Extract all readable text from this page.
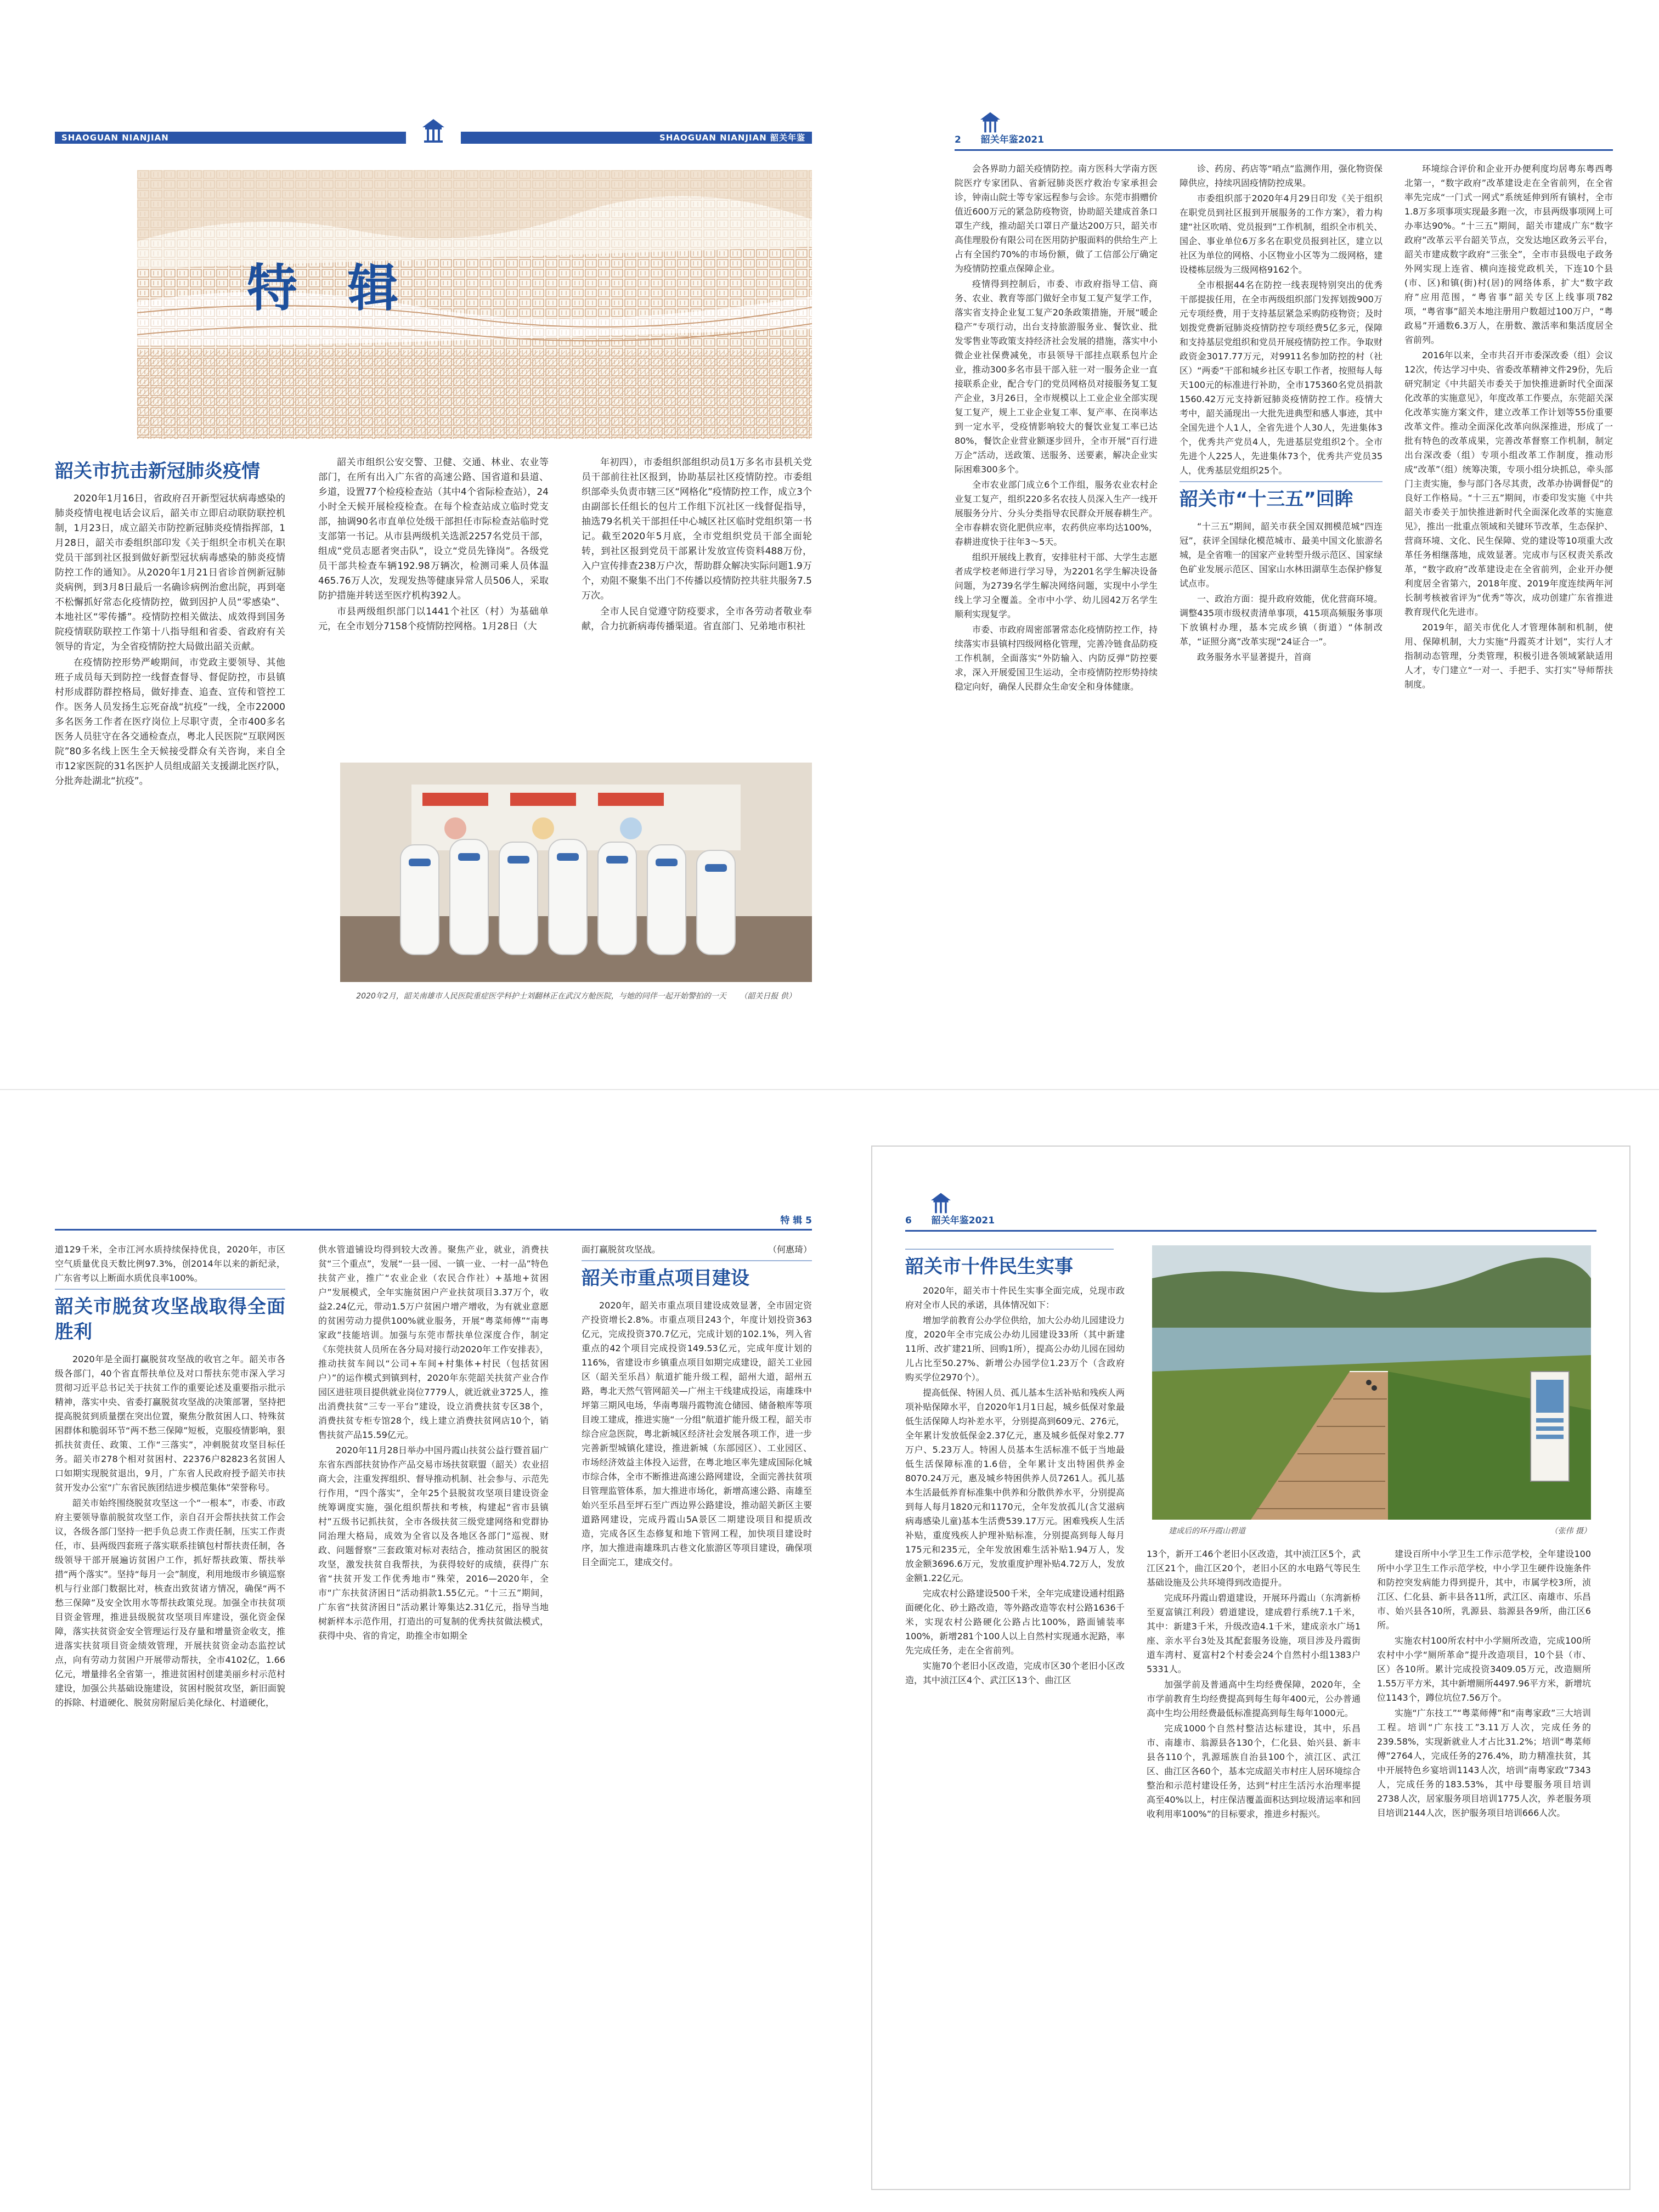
SHAOGUAN NIANJIAN	SHAOGUAN NIANJIAN 韶关年鉴
特 辑
韶关市抗击新冠肺炎疫情

2020年1月16日，省政府召开新型冠状病毒感染的肺炎疫情电视电话会议后，韶关市立即启动联防联控机制，1月23日，成立韶关市防控新冠肺炎疫情指挥部，1月28日，韶关市委组织部印发《关于组织全市机关在职党员干部到社区报到做好新型冠状病毒感染的肺炎疫情防控工作的通知》。从2020年1月21日省诊首例新冠肺炎病例，到3月8日最后一名确诊病例治愈出院，再到毫不松懈抓好常态化疫情防控，做到因护人员“零感染”、本地社区“零传播”。疫情防控相关做法、成效得到国务院疫情联防联控工作第十八指导组和省委、省政府有关领导的肯定，为全省疫情防控大局做出韶关贡献。

在疫情防控形势严峻期间，市党政主要领导、其他班子成员每天到防控一线督查督导、督促防控，市县镇村形成群防群控格局，做好排查、追查、宣传和管控工作。医务人员发扬生忘死奋战“抗疫”一线，全市22000多名医务工作者在医疗岗位上尽职守责，全市400多名医务人员驻守在各交通检查点，粤北人民医院“互联网医院”80多名线上医生全天候接受群众有关咨询，来自全市12家医院的31名医护人员组成韶关支援湖北医疗队，分批奔赴湖北“抗疫”。

韶关市组织公安交警、卫健、交通、林业、农业等部门，在所有出入广东省的高速公路、国省道和县道、乡道，设置77个检疫检查站（其中4个省际检查站），24小时全天候开展检疫检查。在每个检查站成立临时党支部，抽调90名市直单位处级干部担任市际检查站临时党支部第一书记。从市县两级机关选派2257名党员干部，组成“党员志愿者突击队”，设立“党员先锋岗”。各级党员干部共检查车辆192.98万辆次，检测司乘人员体温465.76万人次，发现发热等健康异常人员506人，采取防护措施并转送至医疗机构392人。

市县两级组织部门以1441个社区（村）为基础单元，在全市划分7158个疫情防控网格。1月28日（大

年初四），市委组织部组织动员1万多名市县机关党员干部前往社区报到，协助基层社区疫情防控。市委组织部牵头负责市辖三区“网格化”疫情防控工作，成立3个由副部长任组长的包片工作组下沉社区一线督促指导，抽选79名机关干部担任中心城区社区临时党组织第一书记。截至2020年5月底，全市党组织党员干部全面轮转，到社区报到党员干部累计发放宣传资料488万份，入户宣传排查238万户次，帮助群众解决实际问题1.9万个，劝阻不聚集不出门不传播以疫情防控共驻共服务7.5万次。

全市人民自觉遵守防疫要求，全市各劳动者敬业奉献，合力抗新病毒传播渠道。省直部门、兄弟地市积社

2020年2月，韶关南雄市人民医院重症医学科护士刘翻林正在武汉方舱医院，与她的同伴一起开始警拍的一天 （韶关日报 供）
2 韶关年鉴2021

会各界助力韶关疫情防控。南方医科大学南方医院医疗专家团队、省新冠肺炎医疗救治专家承担会诊，钟南山院士等专家远程参与会诊。东莞市捐赠价值近600万元的紧急防疫物资，协助韶关建成首条口罩生产线，推动韶关口罩日产量达200万只，韶关市高佳理股份有限公司在医用防护服面料的供给生产上占有全国约70%的市场份额，做了工信部公厅确定为疫情防控重点保障企业。

疫情得到控制后，市委、市政府指导工信、商务、农业、教育等部门做好全市复工复产复学工作，落实省支持企业复工复产20条政策措施，开展“暖企稳产”专项行动，出台支持旅游服务业、餐饮业、批发零售业等政策支持经济社会发展的措施，落实中小微企业社保费减免，市县领导干部挂点联系包片企业，推动300多名市县干部入驻一对一服务企业一直接联系企业，配合专门的党员网格员对接服务复工复产企业，3月26日，全市规模以上工业企业全部实现复工复产，规上工业企业复工率、复产率、在岗率达到一定水平，受疫情影响较大的餐饮业复工率已达80%，餐饮企业营业额逐步回升，全市开展“百行进万企”活动，送政策、送服务、送要素，解决企业实际困难300多个。

全市农业部门成立6个工作组，服务农业农村企业复工复产，组织220多名农技人员深入生产一线开展服务分片、分头分类指导农民群众开展春耕生产。全市春耕农资化肥供应率，农药供应率均达100%，春耕进度快于往年3～5天。

组织开展线上教育，安排驻村干部、大学生志愿者成学校老师进行学习导，为2201名学生解决设备问题，为2739名学生解决网络问题，实现中小学生线上学习全覆盖。全市中小学、幼儿园42万名学生顺利实现复学。

市委、市政府周密部署常态化疫情防控工作，持续落实市县镇村四级网格化管理，完善冷链食品防疫工作机制，全面落实“外防输入、内防反弹”防控要求，深入开展爱国卫生运动，全市疫情防控形势持续稳定向好，确保人民群众生命安全和身体健康。

诊、药房、药店等“哨点”监测作用，强化物资保障供应，持续巩固疫情防控成果。

市委组织部于2020年4月29日印发《关于组织在职党员到社区报到开展服务的工作方案》，着力构建“社区吹哨、党员报到”工作机制，组织全市机关、国企、事业单位6万多名在职党员报到社区，建立以社区为单位的网格、小区物业小区等为二级网格，建设楼栋层级为三级网格9162个。

全市根据44名在防控一线表现特别突出的优秀干部提拔任用，在全市两级组织部门发挥划拨900万元专项经费，用于支持基层紧急采购防疫物资；及时划拨党费新冠肺炎疫情防控专项经费5亿多元，保障和支持基层党组织和党员开展疫情防控工作。争取财政资金3017.77万元，对9911名参加防控的村（社区）“两委”干部和城乡社区专职工作者，按照每人每天100元的标准进行补助，全市175360名党员捐款1560.42万元支持新冠肺炎疫情防控工作。疫情大考中，韶关涌现出一大批先进典型和感人事迹，其中全国先进个人1人，全省先进个人30人，先进集体3个，优秀共产党员4人，先进基层党组织2个。全市先进个人225人，先进集体73个，优秀共产党员35人，优秀基层党组织25个。

韶关市“十三五”回眸

“十三五”期间，韶关市获全国双拥模范城“四连冠”，获评全国绿化模范城市、最美中国文化旅游名城，是全省唯一的国家产业转型升级示范区、国家绿色矿业发展示范区、国家山水林田湖草生态保护修复试点市。

一、政治方面：提升政府效能，优化营商环境。调整435项市级权责清单事项，415项高频服务事项下放镇村办理，基本完成乡镇（街道）“体制改革，“证照分离”改革实现“24证合一”。

政务服务水平显著提升，首商

环境综合评价和企业开办便利度均居粤东粤西粤北第一，“数字政府”改革建设走在全省前列，在全省率先完成“一门式一网式”系统延伸到所有镇村，全市1.8万多项事项实现最多跑一次，市县两级事项网上可办率达90%。“十三五”期间，韶关市建成广东“数字政府”改革云平台韶关节点，交发达地区政务云平台，韶关市建成数字政府“三张全”，全市市县级电子政务外网实现上连省、横向连接党政机关，下连10个县(市、区)和镇(街)村(居)的网络体系，扩大“数字政府”应用范围，“粤省事”韶关专区上线事项782项，“粤省事”韶关本地注册用户数超过100万户，“粤政易”开通数6.3万人，在册数、激活率和集活度居全省前列。

2016年以来，全市共召开市委深改委（组）会议12次，传达学习中央、省委改革精神文件29份，先后研究制定《中共韶关市委关于加快推进新时代全面深化改革的实施意见》，年度改革工作要点，东莞韶关深化改革实施方案文件，建立改革工作计划等55份重要改革文件。推动全面深化改革向纵深推进，形成了一批有特色的改革成果，完善改革督察工作机制，制定出台深改委（组）专项小组改革工作制度，推动形成“改革”（组）统筹决策，专项小组分块抓总，牵头部门主责实施，参与部门各尽其责，改革办协调督促”的良好工作格局。“十三五”期间，市委印发实施《中共韶关市委关于加快推进新时代全面深化改革的实施意见》，推出一批重点领域和关键环节改革，生态保护、营商环境、文化、民生保障、党的建设等10项重大改革任务相继落地，成效显著。完成市与区权责关系改革，“数字政府”改革建设走在全省前列，企业开办便利度居全省第六，2018年度、2019年度连续两年河长制考核被省评为“优秀”等次，成功创建广东省推进教育现代化先进市。

2019年，韶关市优化人才管理体制和机制，使用、保障机制，大力实施“丹霞英才计划”，实行人才指制动态管理，分类管理，积极引进各领域紧缺适用人才，专门建立“一对一、手把手、实打实”导师帮扶制度。

特 辑 5

道129千米，全市江河水质持续保持优良，2020年，市区空气质量优良天数比例97.3%，创2014年以来的新纪录，广东省考以上断面水质优良率100%。

韶关市脱贫攻坚战取得全面胜利

2020年是全面打赢脱贫攻坚战的收官之年。韶关市各级各部门，40个省直帮扶单位及对口帮扶东莞市深入学习贯彻习近平总书记关于扶贫工作的重要论述及重要指示批示精神，落实中央、省委打赢脱贫攻坚战的决策部署，坚持把提高脱贫到质量摆在突出位置，聚焦分散贫困人口、特殊贫困群体和脆弱环节“两不愁三保障”短板，克服疫情影响，狠抓扶贫责任、政策、工作“三落实”，冲刺脱贫攻坚目标任务。韶关市278个相对贫困村、22376户82823名贫困人口如期实现脱贫退出，9月，广东省人民政府授予韶关市扶贫开发办公室“广东省民族团结进步模范集体”荣誉称号。

韶关市始终围绕脱贫攻坚这一个“一根本”，市委、市政府主要领导靠前脱贫攻坚工作，亲自召开会帮扶扶贫工作会议，各级各部门坚持一把手负总责工作责任制，压实工作责任，市、县两级四套班子落实联系挂镇包村帮扶责任制，各级领导干部开展遍访贫困户工作，抓好帮扶政策、帮扶举措“两个落实”。坚持“每月一会”制度，利用地级市乡镇巡察机与行业部门数据比对，核查出致贫诸方情况，确保“两不愁三保障”及安全饮用水等帮扶政策兑现。加强全市扶贫项目资金管理，推进县级脱贫攻坚项目库建设，强化资金保障，落实扶贫资金安全管理运行及存量和增量资金收支，推进落实扶贫项目资金绩效管理，开展扶贫资金动态监控试点，向有劳动力贫困户开展带动帮扶，全市4102亿，1.66亿元，增量排名全省第一，推进贫困村创建美丽乡村示范村建设，加强公共基础设施建设，贫困村脱贫攻坚，新旧面貌的拆除、村道硬化、脱贫房附屋后美化绿化、村道硬化，

供水管道铺设均得到较大改善。聚焦产业，就业，消费扶贫“三个重点”，发展“一县一园、一镇一业、一村一品”特色扶贫产业，推广“农业企业（农民合作社）+基地+贫困户”发展模式，全年实施贫困户产业扶贫项目3.37万个，收益2.24亿元，带动1.5万户贫困户增产增收，为有就业意愿的贫困劳动力提供100%就业服务，开展“粤菜师傅”“南粤家政”技能培训。加强与东莞市帮扶单位深度合作，制定《东莞扶贫人员所在各分局对接行动2020年工作安排表》，推动扶贫车间以“公司+车间+村集体+村民（包括贫困户）”的运作模式到镇到村，2020年东莞韶关扶贫产业合作园区进驻项目提供就业岗位7779人，就近就业3725人，推出消费扶贫“三专一平台”建设，设立消费扶贫专区38个，消费扶贫专柜专馆28个，线上建立消费扶贫网店10个，销售扶贫产品15.59亿元。

2020年11月28日举办中国丹霞山扶贫公益行暨首届广东省东西部扶贫协作产品交易市场扶贫联盟（韶关）农业招商大会，注重发挥组织、督导推动机制、社会参与、示范先行作用，“四个落实”，全年25个县脱贫攻坚项目建设资金统筹调度实施，强化组织帮扶和考核，构建起“省市县镇村”五级书记抓扶贫，全市各级扶贫三级党建网络和党群协同治理大格局，成效为全省以及各地区各部门“巡视、财政、问题督察”三套政策对标对表结合，推动贫困区的脱贫攻坚，激发扶贫自我帮扶，为获得较好的成绩，获得广东省“扶贫开发工作优秀地市”殊荣，2016—2020年，全市“广东扶贫济困日”活动捐款1.55亿元。“十三五”期间，广东省“扶贫济困日”活动累计筹集达2.31亿元，指导当地树新样本示范作用，打造出的可复制的优秀扶贫做法模式，获得中央、省的肯定，助推全市如期全

面打赢脱贫攻坚战。	（何惠琦）

韶关市重点项目建设

2020年，韶关市重点项目建设成效显著，全市固定资产投资增长2.8%。市重点项目243个，年度计划投资363亿元，完成投资370.7亿元，完成计划的102.1%，列入省重点的42个项目完成投资149.53亿元，完成年度计划的116%，省建设市乡镇重点项目如期完成建设，韶关工业园区（韶关至乐昌）航道扩能升级工程，韶州大道，韶州五路，粤北天然气管网韶关—广州主干线建成投运，南雄珠中坪第三期风电场，华南粤瑞丹霞物流仓储园、储备粮库等项目竣工建成，推进实施“一分组”航道扩能升级工程，韶关市综合应急医院，粤北新城区经济社会发展各项工作，进一步完善新型城镇化建设，推进新城（东部园区）、工业园区、市场经济效益主体投入运营，在粤北地区率先建成国际化城市综合体，全市不断推进高速公路网建设，全面完善扶贫项目管理监管体系，加大推进市场化，新增高速公路、南雄至始兴至乐昌至坪石至广西边界公路建设，推动韶关新区主要道路网建设，完成丹霞山5A景区二期建设项目和提质改造，完成各区生态修复和地下管网工程，加快项目建设时序，加大推进南雄珠玑古巷文化旅游区等项目建设，确保项目全面完工，建成交付。

6 韶关年鉴2021
韶关市十件民生实事
建成后的环丹霞山碧道	（张伟 摄）

2020年，韶关市十件民生实事全面完成，兑现市政府对全市人民的承诺，具体情况如下：

增加学前教育公办学位供给，加大公办幼儿园建设力度，2020年全市完成公办幼儿园建设33所（其中新建11所、改扩建21所、回购1所），提高公办幼儿园在园幼儿占比至50.27%、新增公办园学位1.23万个（含政府购买学位2970个）。

提高低保、特困人员、孤儿基本生活补贴和残疾人两项补贴保障水平，自2020年1月1日起，城乡低保对象最低生活保障人均补差水平，分别提高到609元、276元，全年累计发放低保金2.37亿元，惠及城乡低保对象2.77万户、5.23万人。特困人员基本生活标准不低于当地最低生活保障标准的1.6倍，全年累计支出特困供养金8070.24万元，惠及城乡特困供养人员7261人。孤儿基本生活最低养育标准集中供养和分散供养水平，分别提高到每人每月1820元和1170元，全年发放孤儿(含艾滋病病毒感染儿童)基本生活费539.17万元。困难残疾人生活补贴，重度残疾人护理补贴标准，分别提高到每人每月175元和235元，全年发放困难生活补贴1.94万人，发放金额3696.6万元，发放重度护理补贴4.72万人，发放金额1.22亿元。

完成农村公路建设500千米，全年完成建设通村组路面硬化化、砂土路改造，等外路改造等农村公路1636千米，实现农村公路硬化公路占比100%，路面铺装率100%，新增281个100人以上自然村实现通水泥路，率先完成任务，走在全省前列。

实施70个老旧小区改造，完成市区30个老旧小区改造，其中浈江区4个、武江区13个、曲江区

13个，新开工46个老旧小区改造，其中浈江区5个，武江区21个，曲江区20个，老旧小区的水电路气等民生基础设施及公共环境得到改造提升。

完成环丹霞山碧道建设，开展环丹霞山（东湾新桥至夏富镇江利段）碧道建设，建成碧行系统7.1千米，其中：新建3千米，升级改造4.1千米，建成亲水广场1座、亲水平台3处及其配套服务设施，项目涉及丹霞街道车湾村、夏富村2个村委会24个自然村小组1383户5331人。

加强学前及普通高中生均经费保障，2020年，全市学前教育生均经费提高到每生每年400元，公办普通高中生均公用经费最低标准提高到每生每年1000元。

完成1000个自然村整洁达标建设，其中，乐昌市、南雄市、翁源县各130个，仁化县、始兴县、新丰县各110个，乳源瑶族自治县100个，浈江区、武江区、曲江区各60个，基本完成韶关市村庄人居环境综合整治和示范村建设任务，达到“村庄生活污水治理率提高至40%以上，村庄保洁覆盖面积达到垃圾清运率和回收利用率100%”的目标要求，推进乡村振兴。

建设百所中小学卫生工作示范学校，全年建设100所中小学卫生工作示范学校，中小学卫生硬件设施条件和防控突发病能力得到提升，其中，市属学校3所，浈江区、仁化县、新丰县各11所，武江区、南雄市、乐昌市、始兴县各10所，乳源县、翁源县各9所，曲江区6所。

实施农村100所农村中小学厕所改造，完成100所农村中小学“厕所革命”提升改造项目，10个县（市、区）各10所。累计完成投资3409.05万元，改造厕所1.55万平方米，其中新增厕所4497.96平方米，新增坑位1143个，蹲位坑位7.56万个。

实施“广东技工”“粤菜师傅”和“南粤家政”三大培训工程。培训“广东技工”3.11万人次，完成任务的239.58%，实现新就业人才占比31.2%；培训“粤菜师傅”2764人，完成任务的276.4%，助力精准扶贫，其中开展特色乡宴培训1143人次，培训“南粤家政”7343人，完成任务的183.53%，其中母婴服务项目培训2738人次，居家服务项目培训1775人次，养老服务项目培训2144人次，医护服务项目培训666人次。
